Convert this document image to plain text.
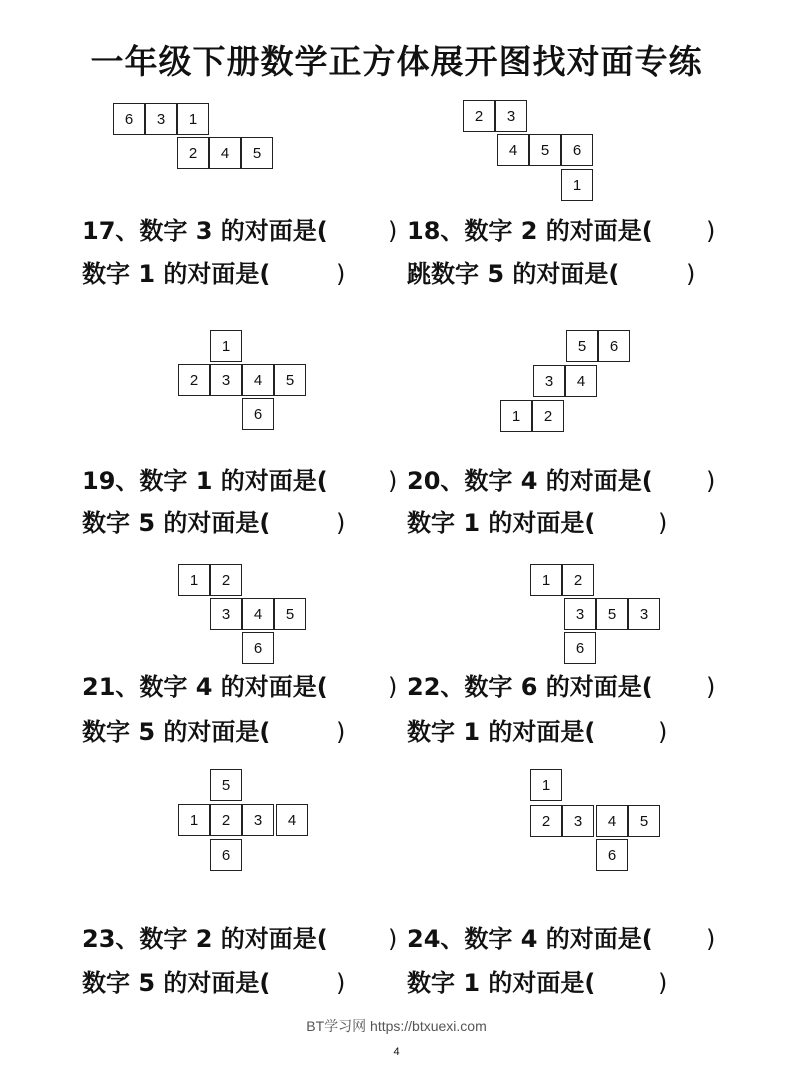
一年级下册数学正方体展开图找对面专练
6	3	1
2	4	5
2	3
4	5	6
1
1
2	3	4	5
6
5	6
3	4
1	2
1	2
3	4	5
6
1	2
3	5	3
6
5
1	2	3	4
6
1
2	3	4	5
6
17、数字 3 的对面是(	)
数字 1 的对面是(	)
18、数字 2 的对面是( )
跳数字 5 的对面是(	)
19、数字 1 的对面是(	)
数字 5 的对面是(	)
20、数字 4 的对面是( )
数字 1 的对面是(	)
21、数字 4 的对面是(	)
数字 5 的对面是(	)
22、数字 6 的对面是( )
数字 1 的对面是(	)
23、数字 2 的对面是(	)
数字 5 的对面是(	)
24、数字 4 的对面是( )
数字 1 的对面是(	)
BT学习网 https://btxuexi.com
4
